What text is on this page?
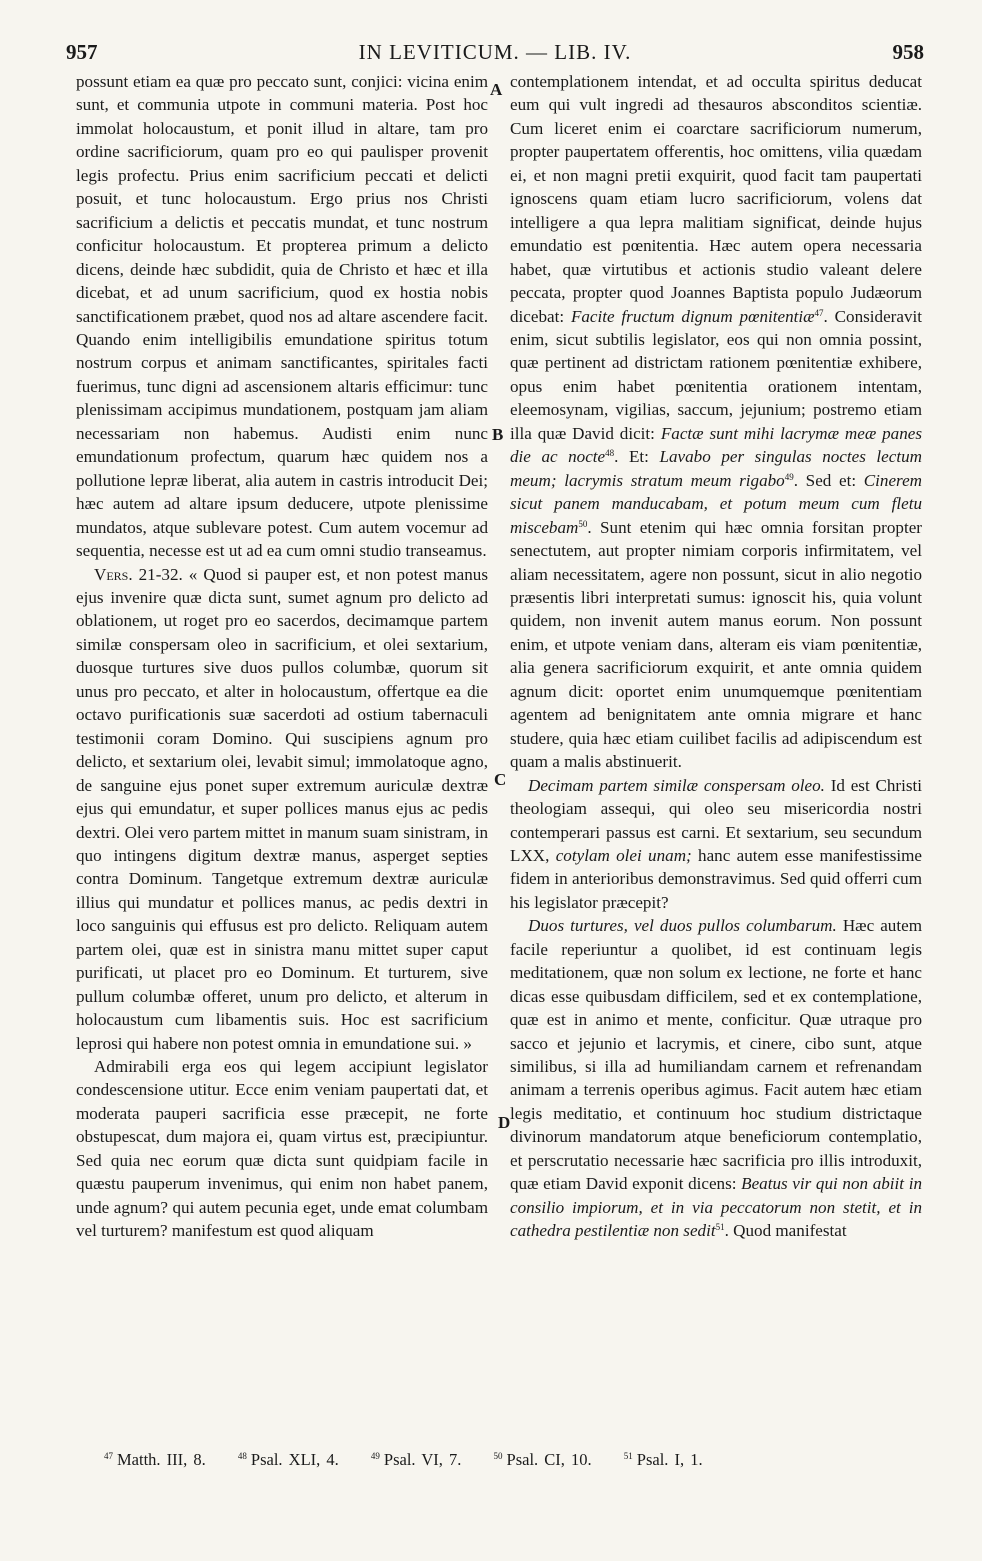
957	IN LEVITICUM. — LIB. IV.	958

possunt etiam ea quæ pro peccato sunt, conjici: vicina enim sunt, et communia utpote in communi materia. Post hoc immolat holocaustum, et ponit illud in altare, tam pro ordine sacrificiorum, quam pro eo qui paulisper provenit legis profectu. Prius enim sacrificium peccati et delicti posuit, et tunc holocaustum. Ergo prius nos Christi sacrificium a delictis et peccatis mundat, et tunc nostrum conficitur holocaustum. Et propterea primum a delicto dicens, deinde hæc subdidit, quia de Christo et hæc et illa dicebat, et ad unum sacrificium, quod ex hostia nobis sanctificationem præbet, quod nos ad altare ascendere facit. Quando enim intelligibilis emundatione spiritus totum nostrum corpus et animam sanctificantes, spiritales facti fuerimus, tunc digni ad ascensionem altaris efficimur: tunc plenissimam accipimus mundationem, postquam jam aliam necessariam non habemus. Audisti enim nunc emundationum profectum, quarum hæc quidem nos a pollutione lepræ liberat, alia autem in castris introducit Dei; hæc autem ad altare ipsum deducere, utpote plenissime mundatos, atque sublevare potest. Cum autem vocemur ad sequentia, necesse est ut ad ea cum omni studio transeamus.

Vers. 21-32. « Quod si pauper est, et non potest manus ejus invenire quæ dicta sunt, sumet agnum pro delicto ad oblationem, ut roget pro eo sacerdos, decimamque partem similæ conspersam oleo in sacrificium, et olei sextarium, duosque turtures sive duos pullos columbæ, quorum sit unus pro peccato, et alter in holocaustum, offertque ea die octavo purificationis suæ sacerdoti ad ostium tabernaculi testimonii coram Domino. Qui suscipiens agnum pro delicto, et sextarium olei, levabit simul; immolatoque agno, de sanguine ejus ponet super extremum auriculæ dextræ ejus qui emundatur, et super pollices manus ejus ac pedis dextri. Olei vero partem mittet in manum suam sinistram, in quo intingens digitum dextræ manus, asperget septies contra Dominum. Tangetque extremum dextræ auriculæ illius qui mundatur et pollices manus, ac pedis dextri in loco sanguinis qui effusus est pro delicto. Reliquam autem partem olei, quæ est in sinistra manu mittet super caput purificati, ut placet pro eo Dominum. Et turturem, sive pullum columbæ offeret, unum pro delicto, et alterum in holocaustum cum libamentis suis. Hoc est sacrificium leprosi qui habere non potest omnia in emundatione sui. »

Admirabili erga eos qui legem accipiunt legislator condescensione utitur. Ecce enim veniam paupertati dat, et moderata pauperi sacrificia esse præcepit, ne forte obstupescat, dum majora ei, quam virtus est, præcipiuntur. Sed quia nec eorum quæ dicta sunt quidpiam facile in quæstu pauperum invenimus, qui enim non habet panem, unde agnum? qui autem pecunia eget, unde emat columbam vel turturem? manifestum est quod aliquam

contemplationem intendat, et ad occulta spiritus deducat eum qui vult ingredi ad thesauros absconditos scientiæ. Cum liceret enim ei coarctare sacrificiorum numerum, propter paupertatem offerentis, hoc omittens, vilia quædam ei, et non magni pretii exquirit, quod facit tam paupertati ignoscens quam etiam lucro sacrificiorum, volens dat intelligere a qua lepra malitiam significat, deinde hujus emundatio est pœnitentia. Hæc autem opera necessaria habet, quæ virtutibus et actionis studio valeant delere peccata, propter quod Joannes Baptista populo Judæorum dicebat: Facite fructum dignum pœnitentiæ$^{47}$. Consideravit enim, sicut subtilis legislator, eos qui non omnia possint, quæ pertinent ad districtam rationem pœnitentiæ exhibere, opus enim habet pœnitentia orationem intentam, eleemosynam, vigilias, saccum, jejunium; postremo etiam illa quæ David dicit: Factæ sunt mihi lacrymæ meæ panes die ac nocte$^{48}$. Et: Lavabo per singulas noctes lectum meum; lacrymis stratum meum rigabo$^{49}$. Sed et: Cinerem sicut panem manducabam, et potum meum cum fletu miscebam$^{50}$. Sunt etenim qui hæc omnia forsitan propter senectutem, aut propter nimiam corporis infirmitatem, vel aliam necessitatem, agere non possunt, sicut in alio negotio præsentis libri interpretati sumus: ignoscit his, quia volunt quidem, non invenit autem manus eorum. Non possunt enim, et utpote veniam dans, alteram eis viam pœnitentiæ, alia genera sacrificiorum exquirit, et ante omnia quidem agnum dicit: oportet enim unumquemque pœnitentiam agentem ad benignitatem ante omnia migrare et hanc studere, quia hæc etiam cuilibet facilis ad adipiscendum est quam a malis abstinuerit.

Decimam partem similæ conspersam oleo. Id est Christi theologiam assequi, qui oleo seu misericordia nostri contemperari passus est carni. Et sextarium, seu secundum LXX, cotylam olei unam; hanc autem esse manifestissime fidem in anterioribus demonstravimus. Sed quid offerri cum his legislator præcepit?

Duos turtures, vel duos pullos columbarum. Hæc autem facile reperiuntur a quolibet, id est continuam legis meditationem, quæ non solum ex lectione, ne forte et hanc dicas esse quibusdam difficilem, sed et ex contemplatione, quæ est in animo et mente, conficitur. Quæ utraque pro sacco et jejunio et lacrymis, et cinere, cibo sunt, atque similibus, si illa ad humiliandam carnem et refrenandam animam a terrenis operibus agimus. Facit autem hæc etiam legis meditatio, et continuum hoc studium districtaque divinorum mandatorum atque beneficiorum contemplatio, et perscrutatio necessarie hæc sacrificia pro illis introduxit, quæ etiam David exponit dicens: Beatus vir qui non abiit in consilio impiorum, et in via peccatorum non stetit, et in cathedra pestilentiæ non sedit$^{51}$. Quod manifestat

A
B
C
D
$^{47}$ Matth. III, 8.	$^{48}$ Psal. XLI, 4.	$^{49}$ Psal. VI, 7.	$^{50}$ Psal. CI, 10.	$^{51}$ Psal. I, 1.
